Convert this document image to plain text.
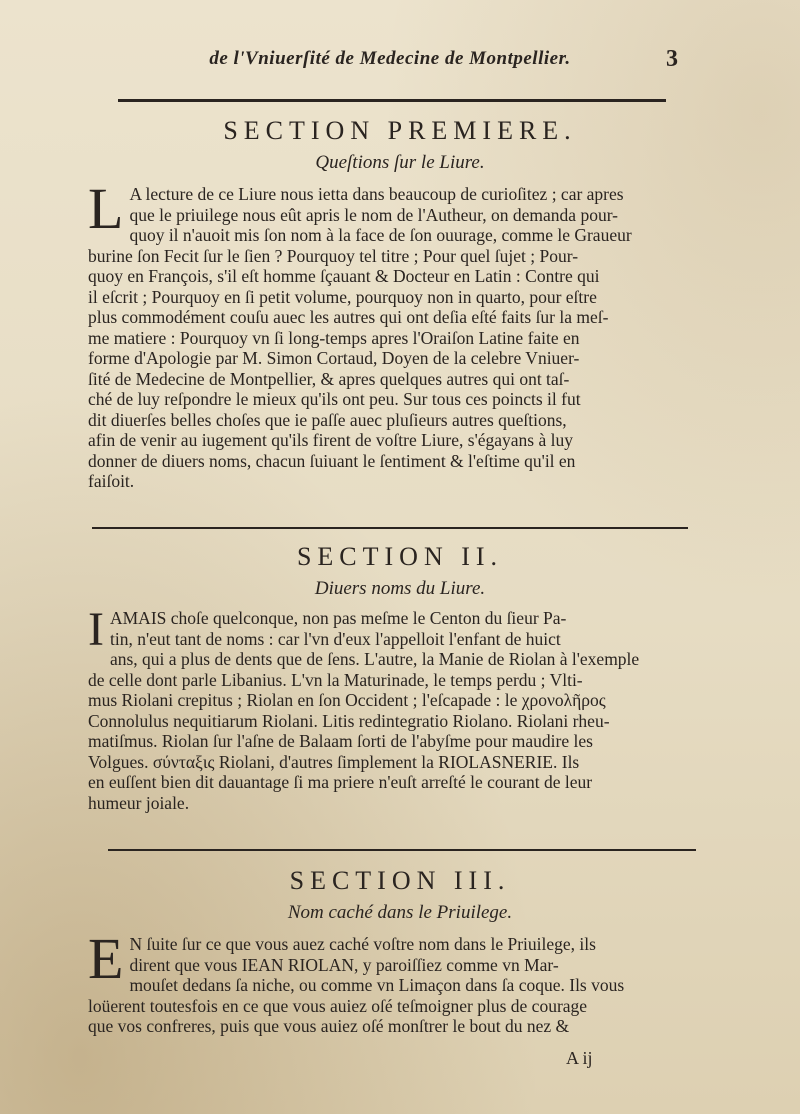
de l'Vniuerſité de Medecine de Montpellier.	3
SECTION PREMIERE.
Queſtions ſur le Liure.
L A lecture de ce Liure nous ietta dans beaucoup de curioſitez ; car apres
que le priuilege nous eût apris le nom de l'Autheur, on demanda pour-
quoy il n'auoit mis ſon nom à la face de ſon ouurage, comme le Graueur
burine ſon Fecit ſur le ſien ? Pourquoy tel titre ; Pour quel ſujet ; Pour-
quoy en François, s'il eſt homme ſçauant & Docteur en Latin : Contre qui
il eſcrit ; Pourquoy en ſi petit volume, pourquoy non in quarto, pour eſtre
plus commodément couſu auec les autres qui ont deſia eſté faits ſur la meſ-
me matiere : Pourquoy vn ſi long-temps apres l'Oraiſon Latine faite en
forme d'Apologie par M. Simon Cortaud, Doyen de la celebre Vniuer-
ſité de Medecine de Montpellier, & apres quelques autres qui ont taſ-
ché de luy reſpondre le mieux qu'ils ont peu. Sur tous ces poincts il fut
dit diuerſes belles choſes que ie paſſe auec pluſieurs autres queſtions,
afin de venir au iugement qu'ils firent de voſtre Liure, s'égayans à luy
donner de diuers noms, chacun ſuiuant le ſentiment & l'eſtime qu'il en
faiſoit.
SECTION II.
Diuers noms du Liure.
I AMAIS choſe quelconque, non pas meſme le Centon du ſieur Pa-
tin, n'eut tant de noms : car l'vn d'eux l'appelloit l'enfant de huict
ans, qui a plus de dents que de ſens. L'autre, la Manie de Riolan à l'exemple
de celle dont parle Libanius. L'vn la Maturinade, le temps perdu ; Vlti-
mus Riolani crepitus ; Riolan en ſon Occident ; l'eſcapade : le χρονολῆρος
Connolulus nequitiarum Riolani. Litis redintegratio Riolano. Riolani rheu-
matiſmus. Riolan ſur l'aſne de Balaam ſorti de l'abyſme pour maudire les
Volgues. σύνταξις Riolani, d'autres ſimplement la RIOLASNERIE. Ils
en euſſent bien dit dauantage ſi ma priere n'euſt arreſté le courant de leur
humeur joiale.
SECTION III.
Nom caché dans le Priuilege.
E N ſuite ſur ce que vous auez caché voſtre nom dans le Priuilege, ils
dirent que vous IEAN RIOLAN, y paroiſſiez comme vn Mar-
mouſet dedans ſa niche, ou comme vn Limaçon dans ſa coque. Ils vous
loüerent toutesfois en ce que vous auiez oſé teſmoigner plus de courage
que vos confreres, puis que vous auiez oſé monſtrer le bout du nez &
A ij
